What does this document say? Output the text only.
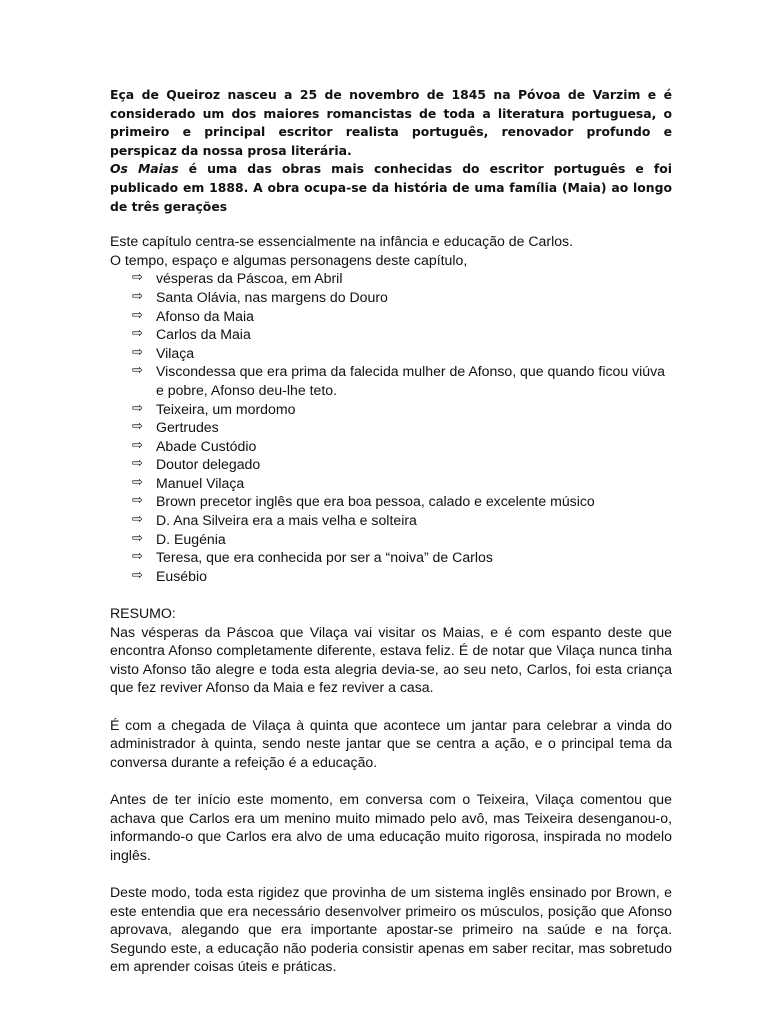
Eça de Queiroz nasceu a 25 de novembro de 1845 na Póvoa de Varzim e é considerado um dos maiores romancistas de toda a literatura portuguesa, o primeiro e principal escritor realista português, renovador profundo e perspicaz da nossa prosa literária.
Os Maias é uma das obras mais conhecidas do escritor português e foi publicado em 1888. A obra ocupa-se da história de uma família (Maia) ao longo de três gerações

Este capítulo centra-se essencialmente na infância e educação de Carlos.

O tempo, espaço e algumas personagens deste capítulo,

⇨ vésperas da Páscoa, em Abril
⇨ Santa Olávia, nas margens do Douro
⇨ Afonso da Maia
⇨ Carlos da Maia
⇨ Vilaça
⇨ Viscondessa que era prima da falecida mulher de Afonso, que quando ficou viúva e pobre, Afonso deu-lhe teto.
⇨ Teixeira, um mordomo
⇨ Gertrudes
⇨ Abade Custódio
⇨ Doutor delegado
⇨ Manuel Vilaça
⇨ Brown precetor inglês que era boa pessoa, calado e excelente músico
⇨ D. Ana Silveira era a mais velha e solteira
⇨ D. Eugénia
⇨ Teresa, que era conhecida por ser a “noiva” de Carlos
⇨ Eusébio

RESUMO:

Nas vésperas da Páscoa que Vilaça vai visitar os Maias, e é com espanto deste que encontra Afonso completamente diferente, estava feliz. É de notar que Vilaça nunca tinha visto Afonso tão alegre e toda esta alegria devia-se, ao seu neto, Carlos, foi esta criança que fez reviver Afonso da Maia e fez reviver a casa.

É com a chegada de Vilaça à quinta que acontece um jantar para celebrar a vinda do administrador à quinta, sendo neste jantar que se centra a ação, e o principal tema da conversa durante a refeição é a educação.

Antes de ter início este momento, em conversa com o Teixeira, Vilaça comentou que achava que Carlos era um menino muito mimado pelo avô, mas Teixeira desenganou-o, informando-o que Carlos era alvo de uma educação muito rigorosa, inspirada no modelo inglês.

Deste modo, toda esta rigidez que provinha de um sistema inglês ensinado por Brown, e este entendia que era necessário desenvolver primeiro os músculos, posição que Afonso aprovava, alegando que era importante apostar-se primeiro na saúde e na força. Segundo este, a educação não poderia consistir apenas em saber recitar, mas sobretudo em aprender coisas úteis e práticas.
